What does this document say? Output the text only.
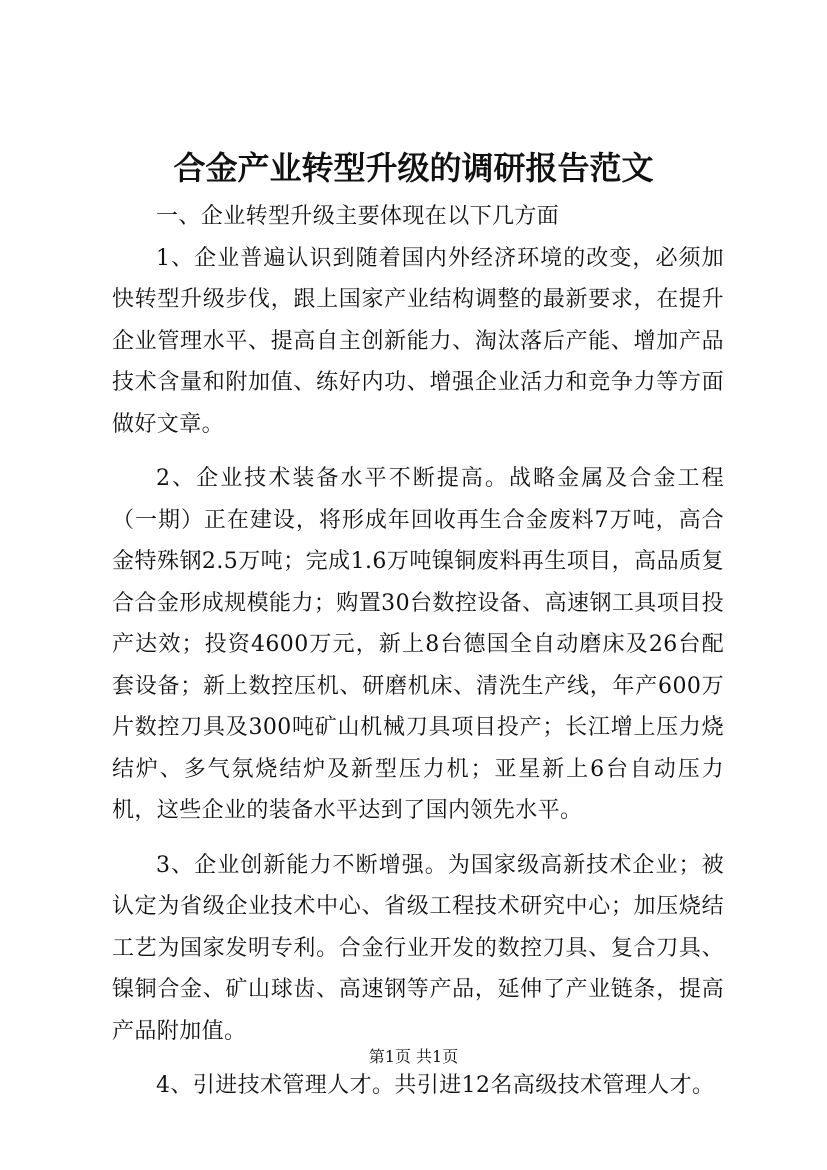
合金产业转型升级的调研报告范文

一、企业转型升级主要体现在以下几方面

1、企业普遍认识到随着国内外经济环境的改变，必须加快转型升级步伐，跟上国家产业结构调整的最新要求，在提升企业管理水平、提高自主创新能力、淘汰落后产能、增加产品技术含量和附加值、练好内功、增强企业活力和竞争力等方面做好文章。

2、企业技术装备水平不断提高。战略金属及合金工程（一期）正在建设，将形成年回收再生合金废料7万吨，高合金特殊钢2.5万吨；完成1.6万吨镍铜废料再生项目，高品质复合合金形成规模能力；购置30台数控设备、高速钢工具项目投产达效；投资4600万元，新上8台德国全自动磨床及26台配套设备；新上数控压机、研磨机床、清洗生产线，年产600万片数控刀具及300吨矿山机械刀具项目投产；长江增上压力烧结炉、多气氛烧结炉及新型压力机；亚星新上6台自动压力机，这些企业的装备水平达到了国内领先水平。

3、企业创新能力不断增强。为国家级高新技术企业；被认定为省级企业技术中心、省级工程技术研究中心；加压烧结工艺为国家发明专利。合金行业开发的数控刀具、复合刀具、镍铜合金、矿山球齿、高速钢等产品，延伸了产业链条，提高产品附加值。

4、引进技术管理人才。共引进12名高级技术管理人才。

第1页 共1页
